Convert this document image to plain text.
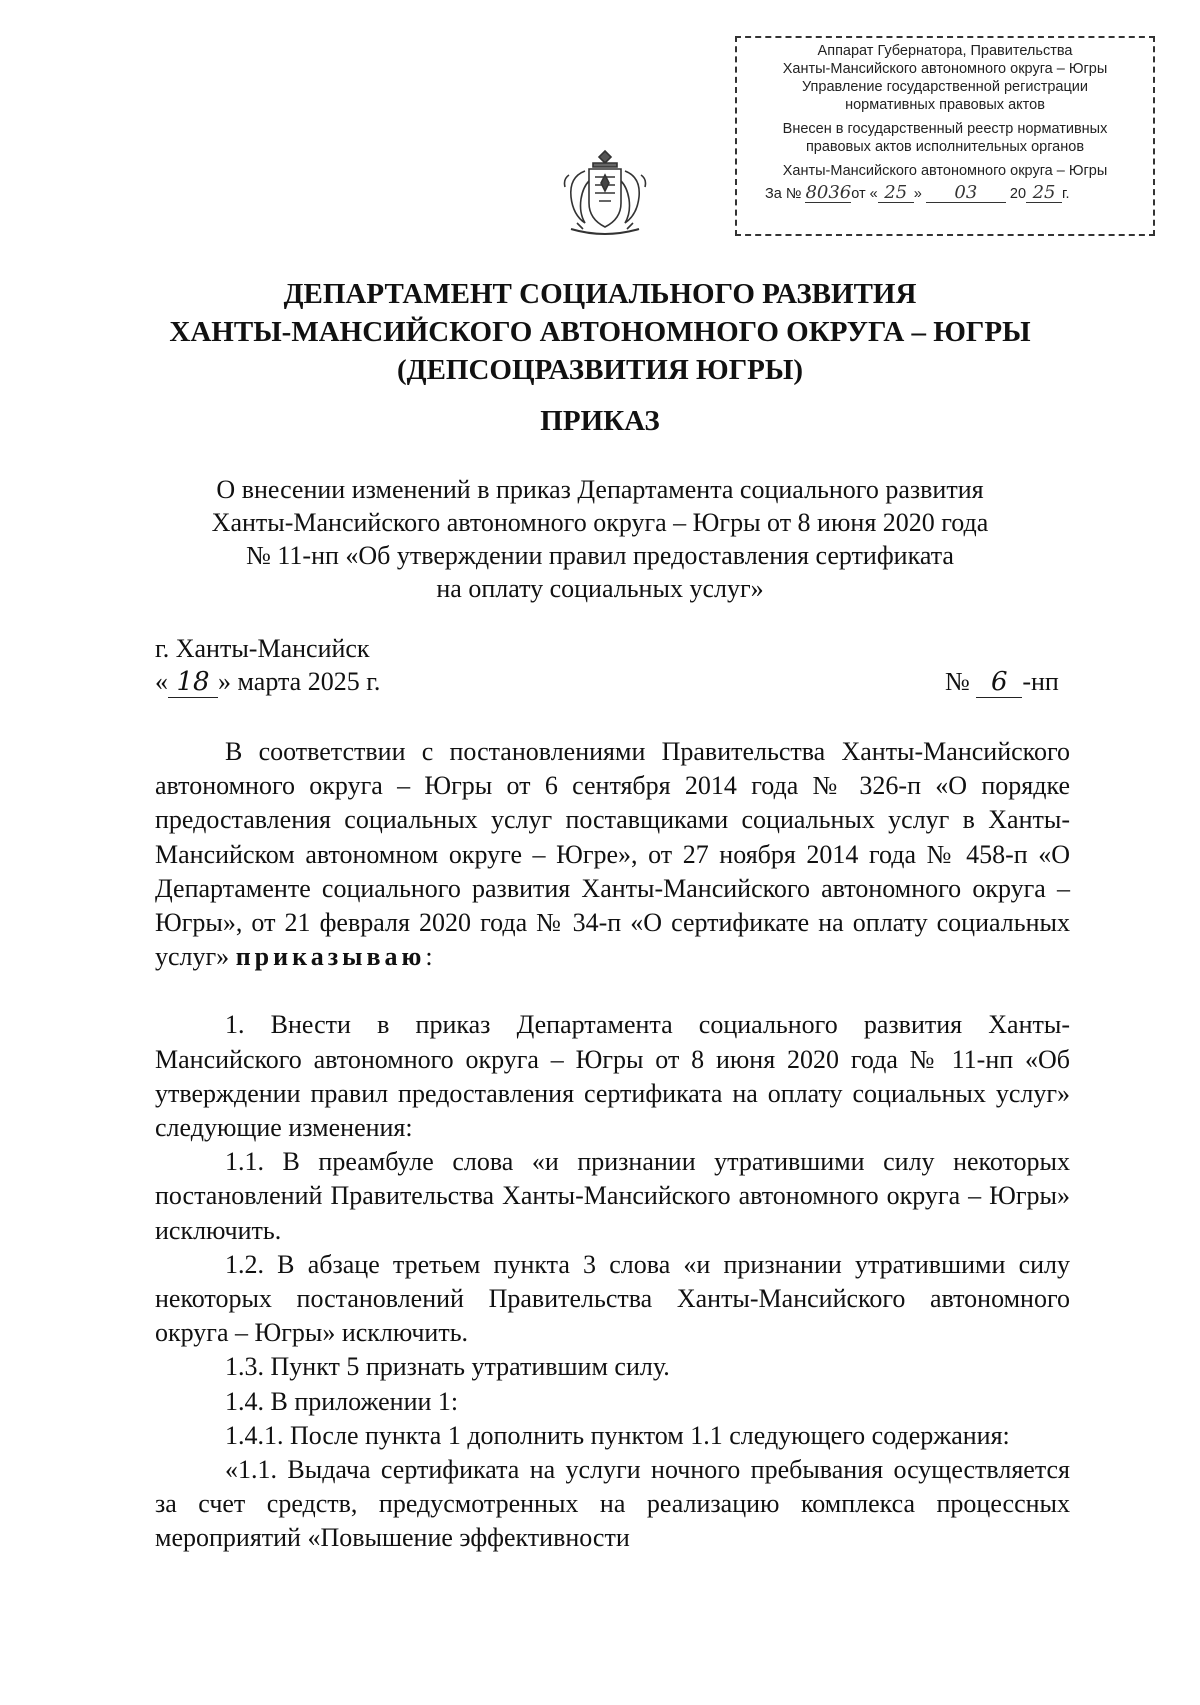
Аппарат Губернатора, Правительства
Ханты-Мансийского автономного округа – Югры
Управление государственной регистрации
нормативных правовых актов
Внесен в государственный реестр нормативных
правовых актов исполнительных органов
Ханты-Мансийского автономного округа – Югры
За № 8036от « 25 » 03 20 25 г.
ДЕПАРТАМЕНТ СОЦИАЛЬНОГО РАЗВИТИЯ
ХАНТЫ-МАНСИЙСКОГО АВТОНОМНОГО ОКРУГА – ЮГРЫ
(ДЕПСОЦРАЗВИТИЯ ЮГРЫ)
ПРИКАЗ
О внесении изменений в приказ Департамента социального развития
Ханты-Мансийского автономного округа – Югры от 8 июня 2020 года
№ 11-нп «Об утверждении правил предоставления сертификата
на оплату социальных услуг»
г. Ханты-Мансийск
« 18 » марта 2025 г.	№ 6 -нп

В соответствии с постановлениями Правительства Ханты-Мансийского автономного округа – Югры от 6 сентября 2014 года № 326-п «О порядке предоставления социальных услуг поставщиками социальных услуг в Ханты-Мансийском автономном округе – Югре», от 27 ноября 2014 года № 458-п «О Департаменте социального развития Ханты-Мансийского автономного округа – Югры», от 21 февраля 2020 года № 34-п «О сертификате на оплату социальных услуг» приказываю:

1. Внести в приказ Департамента социального развития Ханты-Мансийского автономного округа – Югры от 8 июня 2020 года № 11-нп «Об утверждении правил предоставления сертификата на оплату социальных услуг» следующие изменения:

1.1. В преамбуле слова «и признании утратившими силу некоторых постановлений Правительства Ханты-Мансийского автономного округа – Югры» исключить.

1.2. В абзаце третьем пункта 3 слова «и признании утратившими силу некоторых постановлений Правительства Ханты-Мансийского автономного округа – Югры» исключить.

1.3. Пункт 5 признать утратившим силу.

1.4. В приложении 1:

1.4.1. После пункта 1 дополнить пунктом 1.1 следующего содержания:

«1.1. Выдача сертификата на услуги ночного пребывания осуществляется за счет средств, предусмотренных на реализацию комплекса процессных мероприятий «Повышение эффективности
